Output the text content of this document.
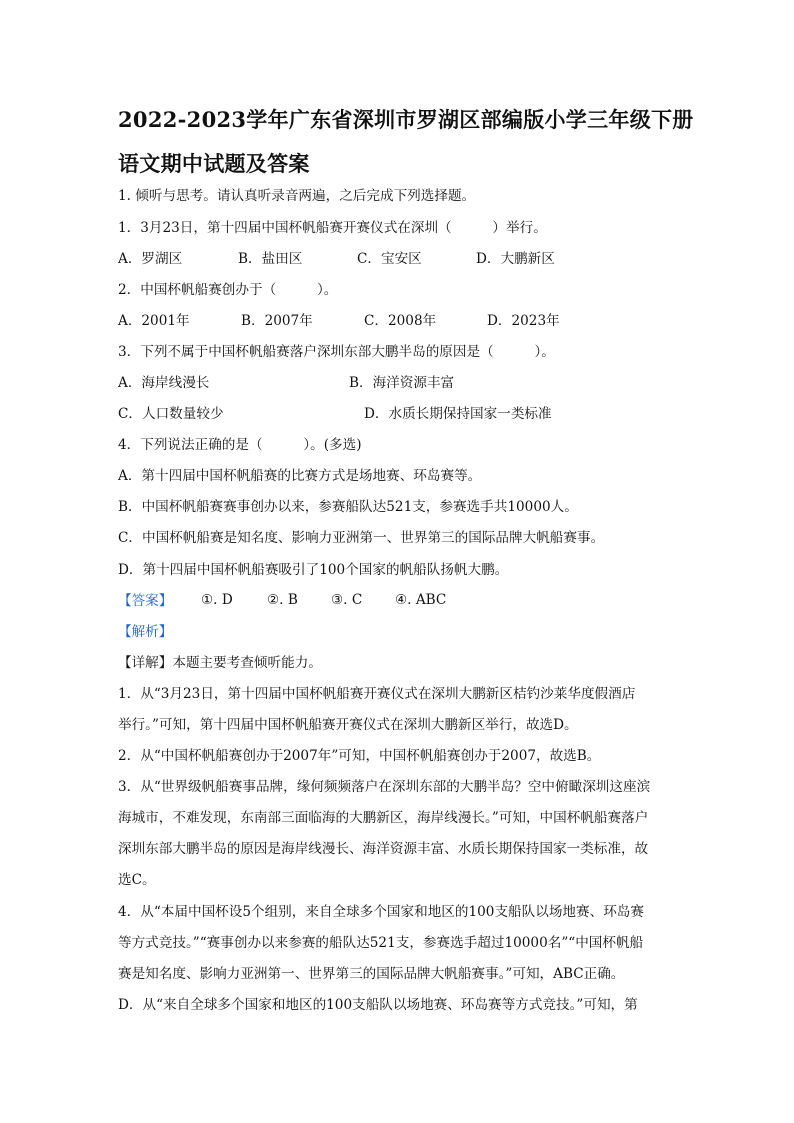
2022-2023学年广东省深圳市罗湖区部编版小学三年级下册
语文期中试题及答案
1. 倾听与思考。请认真听录音两遍，之后完成下列选择题。
1．3月23日，第十四届中国杯帆船赛开赛仪式在深圳（　　　）举行。
A．罗湖区	B．盐田区	C．宝安区	D．大鹏新区
2．中国杯帆船赛创办于（　　　）。
A．2001年	B．2007年	C．2008年	D．2023年
3．下列不属于中国杯帆船赛落户深圳东部大鹏半岛的原因是（　　　）。
A．海岸线漫长	B．海洋资源丰富
C．人口数量较少	D．水质长期保持国家一类标准
4．下列说法正确的是（　　　）。(多选)
A．第十四届中国杯帆船赛的比赛方式是场地赛、环岛赛等。
B．中国杯帆船赛赛事创办以来，参赛船队达521支，参赛选手共10000人。
C．中国杯帆船赛是知名度、影响力亚洲第一、世界第三的国际品牌大帆船赛事。
D．第十四届中国杯帆船赛吸引了100个国家的帆船队扬帆大鹏。
【答案】 ①. D	②. B ③. C ④. ABC
【解析】
【详解】本题主要考查倾听能力。
1．从“3月23日，第十四届中国杯帆船赛开赛仪式在深圳大鹏新区桔钓沙莱华度假酒店
举行。”可知，第十四届中国杯帆船赛开赛仪式在深圳大鹏新区举行，故选D。
2．从“中国杯帆船赛创办于2007年”可知，中国杯帆船赛创办于2007，故选B。
3．从“世界级帆船赛事品牌，缘何频频落户在深圳东部的大鹏半岛？空中俯瞰深圳这座滨
海城市，不难发现，东南部三面临海的大鹏新区，海岸线漫长。”可知，中国杯帆船赛落户
深圳东部大鹏半岛的原因是海岸线漫长、海洋资源丰富、水质长期保持国家一类标准，故
选C。
4．从“本届中国杯设5个组别，来自全球多个国家和地区的100支船队以场地赛、环岛赛
等方式竞技。”“赛事创办以来参赛的船队达521支，参赛选手超过10000名”“中国杯帆船
赛是知名度、影响力亚洲第一、世界第三的国际品牌大帆船赛事。”可知，ABC正确。
D．从“来自全球多个国家和地区的100支船队以场地赛、环岛赛等方式竞技。”可知，第
